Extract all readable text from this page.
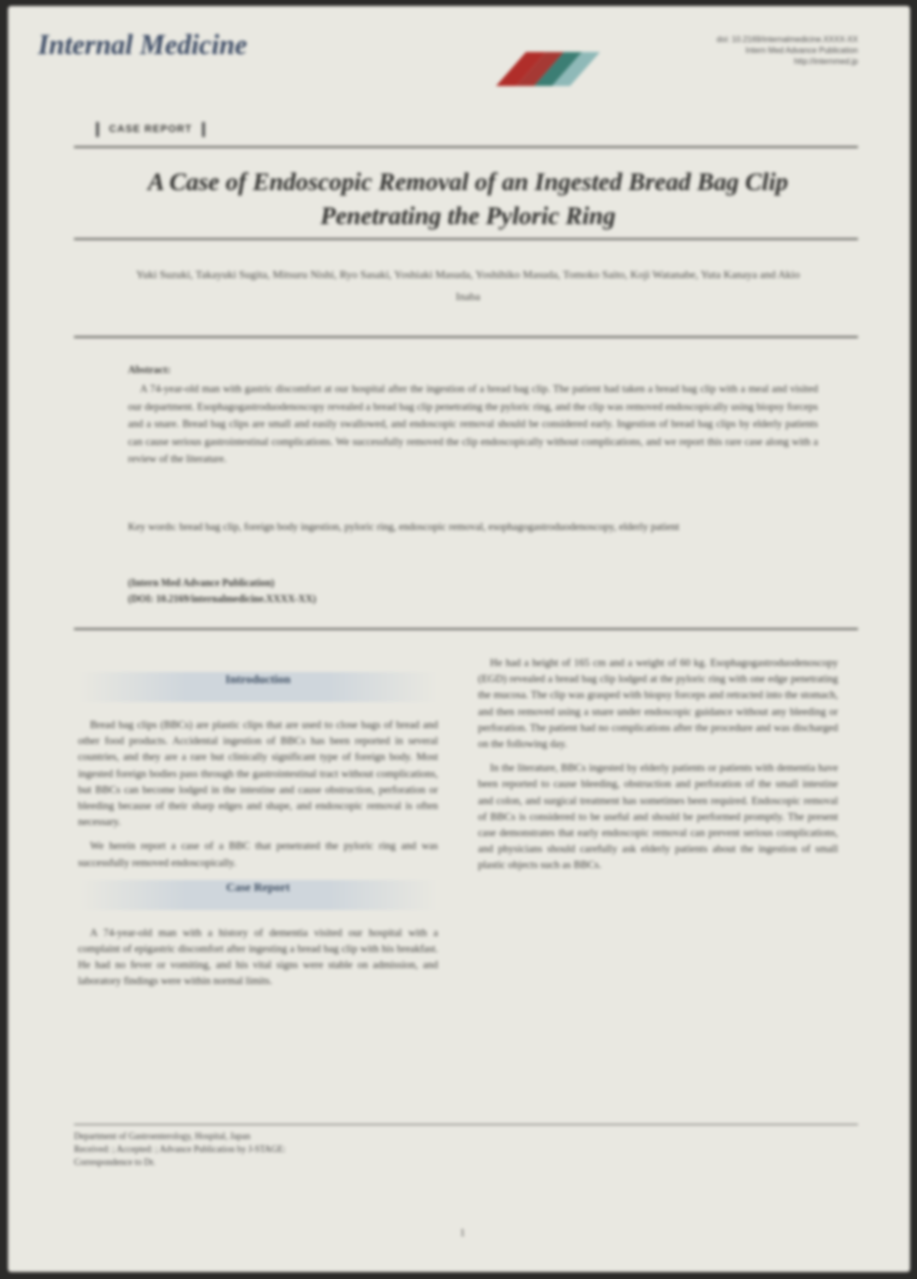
Internal Medicine	doi: 10.2169/internalmedicine.XXXX-XX
Intern Med Advance Publication
http://internmed.jp
CASE REPORT
A Case of Endoscopic Removal of an Ingested Bread Bag Clip Penetrating the Pyloric Ring
Yuki Suzuki, Takayuki Sugita, Mitsuru Nishi, Ryo Sasaki, Yoshiaki Masuda, Yoshihiko Masuda, Tomoko Saito, Koji Watanabe, Yuta Kanaya and Akio Inaba
Abstract:
A 74-year-old man with gastric discomfort at our hospital after the ingestion of a bread bag clip. The patient had taken a bread bag clip with a meal and visited our department. Esophagogastroduodenoscopy revealed a bread bag clip penetrating the pyloric ring, and the clip was removed endoscopically using biopsy forceps and a snare. Bread bag clips are small and easily swallowed, and endoscopic removal should be considered early. Ingestion of bread bag clips by elderly patients can cause serious gastrointestinal complications. We successfully removed the clip endoscopically without complications, and we report this rare case along with a review of the literature.
Key words: bread bag clip, foreign body ingestion, pyloric ring, endoscopic removal, esophagogastroduodenoscopy, elderly patient
(Intern Med Advance Publication)
(DOI: 10.2169/internalmedicine.XXXX-XX)
Introduction

Bread bag clips (BBCs) are plastic clips that are used to close bags of bread and other food products. Accidental ingestion of BBCs has been reported in several countries, and they are a rare but clinically significant type of foreign body. Most ingested foreign bodies pass through the gastrointestinal tract without complications, but BBCs can become lodged in the intestine and cause obstruction, perforation or bleeding because of their sharp edges and shape, and endoscopic removal is often necessary.

We herein report a case of a BBC that penetrated the pyloric ring and was successfully removed endoscopically.

Case Report

A 74-year-old man with a history of dementia visited our hospital with a complaint of epigastric discomfort after ingesting a bread bag clip with his breakfast. He had no fever or vomiting, and his vital signs were stable on admission, and laboratory findings were within normal limits.

He had a height of 165 cm and a weight of 60 kg. Esophagogastroduodenoscopy (EGD) revealed a bread bag clip lodged at the pyloric ring with one edge penetrating the mucosa. The clip was grasped with biopsy forceps and retracted into the stomach, and then removed using a snare under endoscopic guidance without any bleeding or perforation. The patient had no complications after the procedure and was discharged on the following day.

In the literature, BBCs ingested by elderly patients or patients with dementia have been reported to cause bleeding, obstruction and perforation of the small intestine and colon, and surgical treatment has sometimes been required. Endoscopic removal of BBCs is considered to be useful and should be performed promptly. The present case demonstrates that early endoscopic removal can prevent serious complications, and physicians should carefully ask elderly patients about the ingestion of small plastic objects such as BBCs.

Department of Gastroenterology, Hospital, Japan
Received: ; Accepted: ; Advance Publication by J-STAGE:
Correspondence to Dr.
1
